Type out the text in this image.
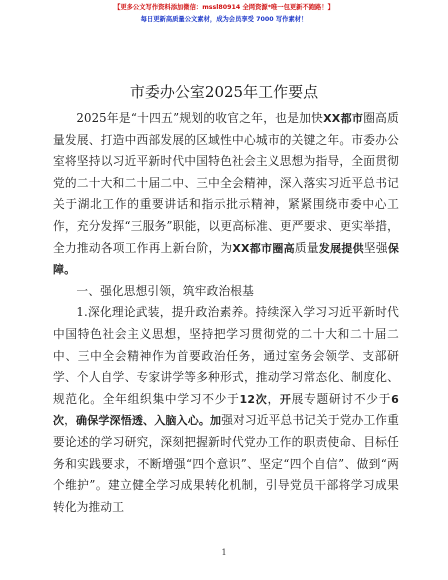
【更多公文写作资料添加微信：mssl80914 全网资源*唯一包更新不跑路！】
每日更新高质量公文素材，成为会员享受 7000 写作素材！
市委办公室2025年工作要点

2025年是“十四五”规划的收官之年，也是加快XX都市圈高质量发展、打造中西部发展的区域性中心城市的关键之年。市委办公室将坚持以习近平新时代中国特色社会主义思想为指导，全面贯彻党的二十大和二十届二中、三中全会精神，深入落实习近平总书记关于湖北工作的重要讲话和指示批示精神，紧紧围绕市委中心工作，充分发挥“三服务”职能，以更高标准、更严要求、更实举措，全力推动各项工作再上新台阶，为XX都市圈高质量发展提供坚强保障。

一、强化思想引领，筑牢政治根基

1.深化理论武装，提升政治素养。持续深入学习习近平新时代中国特色社会主义思想，坚持把学习贯彻党的二十大和二十届二中、三中全会精神作为首要政治任务，通过室务会领学、支部研学、个人自学、专家讲学等多种形式，推动学习常态化、制度化、规范化。全年组织集中学习不少于12次，开展专题研讨不少于6次，确保学深悟透、入脑入心。加强对习近平总书记关于党办工作重要论述的学习研究，深刻把握新时代党办工作的职责使命、目标任务和实践要求，不断增强“四个意识”、坚定“四个自信”、做到“两个维护”。建立健全学习成果转化机制，引导党员干部将学习成果转化为推动工

1
